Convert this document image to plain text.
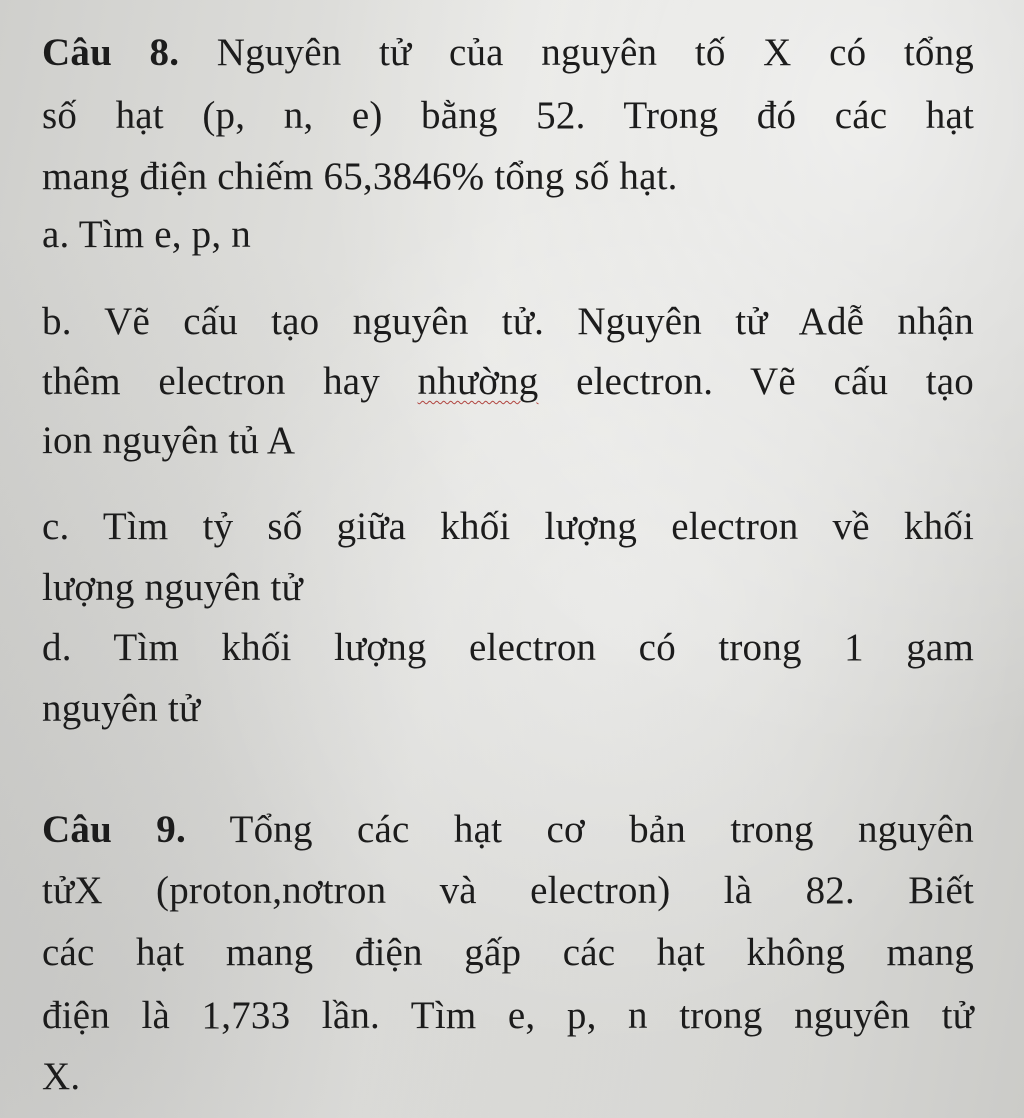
Câu 8. Nguyên tử của nguyên tố X có tổng

số hạt (p, n, e) bằng 52. Trong đó các hạt

mang điện chiếm 65,3846% tổng số hạt.

a. Tìm e, p, n

b. Vẽ cấu tạo nguyên tử. Nguyên tử Adễ nhận

thêm electron hay nhường electron. Vẽ cấu tạo

ion nguyên tủ A

c. Tìm tỷ số giữa khối lượng electron về khối

lượng nguyên tử

d. Tìm khối lượng electron có trong 1 gam

nguyên tử

Câu 9. Tổng các hạt cơ bản trong nguyên

tửX (proton,nơtron và electron) là 82. Biết

các hạt mang điện gấp các hạt không mang

điện là 1,733 lần. Tìm e, p, n trong nguyên tử

X.
